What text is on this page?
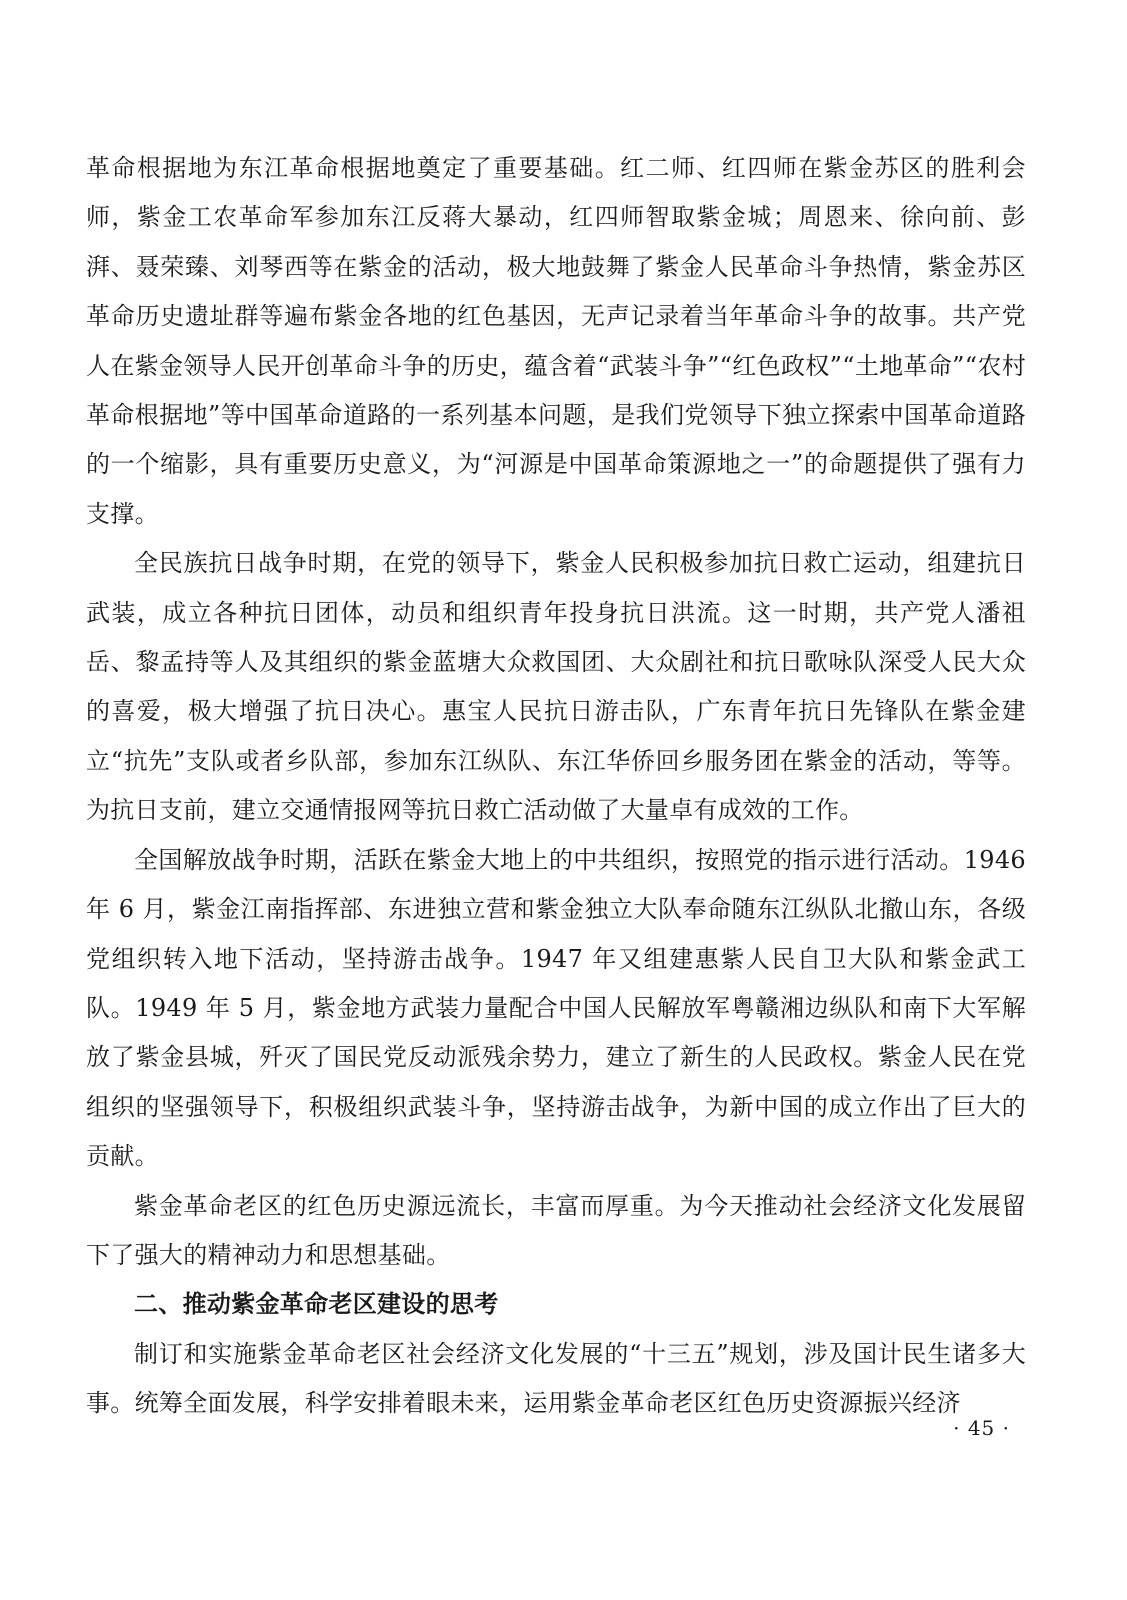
革命根据地为东江革命根据地奠定了重要基础。红二师、红四师在紫金苏区的胜利会师，紫金工农革命军参加东江反蒋大暴动，红四师智取紫金城；周恩来、徐向前、彭湃、聂荣臻、刘琴西等在紫金的活动，极大地鼓舞了紫金人民革命斗争热情，紫金苏区革命历史遗址群等遍布紫金各地的红色基因，无声记录着当年革命斗争的故事。共产党人在紫金领导人民开创革命斗争的历史，蕴含着“武装斗争”“红色政权”“土地革命”“农村革命根据地”等中国革命道路的一系列基本问题，是我们党领导下独立探索中国革命道路的一个缩影，具有重要历史意义，为“河源是中国革命策源地之一”的命题提供了强有力支撑。

全民族抗日战争时期，在党的领导下，紫金人民积极参加抗日救亡运动，组建抗日武装，成立各种抗日团体，动员和组织青年投身抗日洪流。这一时期，共产党人潘祖岳、黎孟持等人及其组织的紫金蓝塘大众救国团、大众剧社和抗日歌咏队深受人民大众的喜爱，极大增强了抗日决心。惠宝人民抗日游击队，广东青年抗日先锋队在紫金建立“抗先”支队或者乡队部，参加东江纵队、东江华侨回乡服务团在紫金的活动，等等。为抗日支前，建立交通情报网等抗日救亡活动做了大量卓有成效的工作。

全国解放战争时期，活跃在紫金大地上的中共组织，按照党的指示进行活动。1946 年 6 月，紫金江南指挥部、东进独立营和紫金独立大队奉命随东江纵队北撤山东，各级党组织转入地下活动，坚持游击战争。1947 年又组建惠紫人民自卫大队和紫金武工队。1949 年 5 月，紫金地方武装力量配合中国人民解放军粤赣湘边纵队和南下大军解放了紫金县城，歼灭了国民党反动派残余势力，建立了新生的人民政权。紫金人民在党组织的坚强领导下，积极组织武装斗争，坚持游击战争，为新中国的成立作出了巨大的贡献。

紫金革命老区的红色历史源远流长，丰富而厚重。为今天推动社会经济文化发展留下了强大的精神动力和思想基础。

二、推动紫金革命老区建设的思考

制订和实施紫金革命老区社会经济文化发展的“十三五”规划，涉及国计民生诸多大事。统筹全面发展，科学安排着眼未来，运用紫金革命老区红色历史资源振兴经济

· 45 ·
